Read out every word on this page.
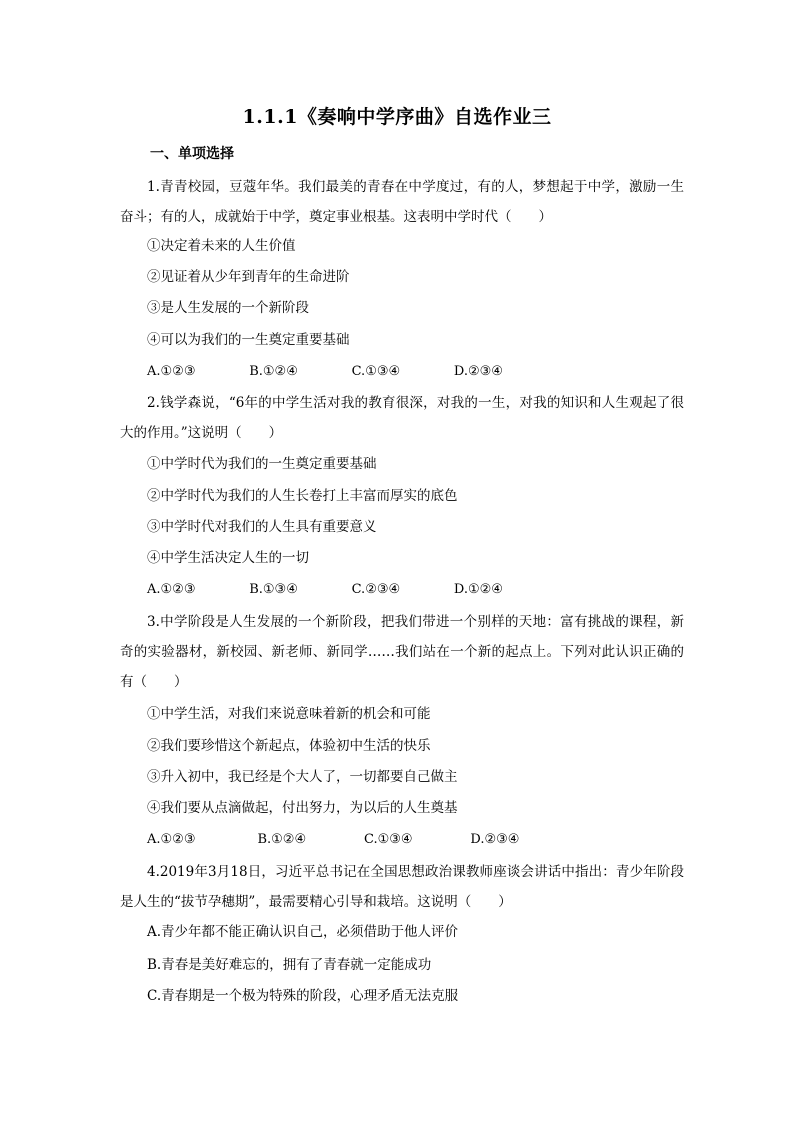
1.1.1《奏响中学序曲》自选作业三
一、单项选择
1.青青校园，豆蔻年华。我们最美的青春在中学度过，有的人，梦想起于中学，激励一生奋斗；有的人，成就始于中学，奠定事业根基。这表明中学时代（　　）
①决定着未来的人生价值
②见证着从少年到青年的生命进阶
③是人生发展的一个新阶段
④可以为我们的一生奠定重要基础
A.①②③             B.①②④             C.①③④             D.②③④
2.钱学森说，“6年的中学生活对我的教育很深，对我的一生，对我的知识和人生观起了很大的作用。”这说明（　　）
①中学时代为我们的一生奠定重要基础
②中学时代为我们的人生长卷打上丰富而厚实的底色
③中学时代对我们的人生具有重要意义
④中学生活决定人生的一切
A.①②③             B.①③④             C.②③④             D.①②④
3.中学阶段是人生发展的一个新阶段，把我们带进一个别样的天地：富有挑战的课程，新奇的实验器材，新校园、新老师、新同学……我们站在一个新的起点上。下列对此认识正确的有（　　）
①中学生活，对我们来说意味着新的机会和可能
②我们要珍惜这个新起点，体验初中生活的快乐
③升入初中，我已经是个大人了，一切都要自己做主
④我们要从点滴做起，付出努力，为以后的人生奠基
A.①②③               B.①②④              C.①③④              D.②③④
4.2019年3月18日，习近平总书记在全国思想政治课教师座谈会讲话中指出：青少年阶段是人生的“拔节孕穗期”，最需要精心引导和栽培。这说明（　　）
A.青少年都不能正确认识自己，必须借助于他人评价
B.青春是美好难忘的，拥有了青春就一定能成功
C.青春期是一个极为特殊的阶段，心理矛盾无法克服
